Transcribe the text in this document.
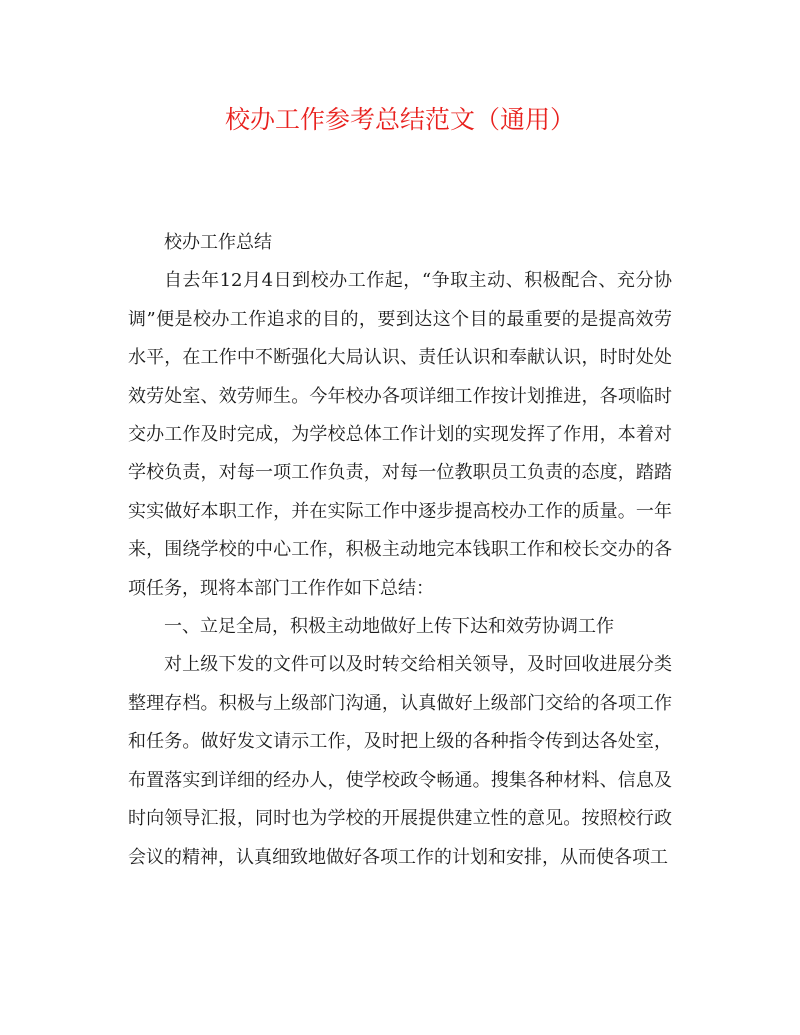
校办工作参考总结范文（通用）

校办工作总结

自去年12月4日到校办工作起，“争取主动、积极配合、充分协调”便是校办工作追求的目的，要到达这个目的最重要的是提高效劳水平，在工作中不断强化大局认识、责任认识和奉献认识，时时处处效劳处室、效劳师生。今年校办各项详细工作按计划推进，各项临时交办工作及时完成，为学校总体工作计划的实现发挥了作用，本着对学校负责，对每一项工作负责，对每一位教职员工负责的态度，踏踏实实做好本职工作，并在实际工作中逐步提高校办工作的质量。一年来，围绕学校的中心工作，积极主动地完本钱职工作和校长交办的各项任务，现将本部门工作作如下总结：

一、立足全局，积极主动地做好上传下达和效劳协调工作

对上级下发的文件可以及时转交给相关领导，及时回收进展分类整理存档。积极与上级部门沟通，认真做好上级部门交给的各项工作和任务。做好发文请示工作，及时把上级的各种指令传到达各处室，布置落实到详细的经办人，使学校政令畅通。搜集各种材料、信息及时向领导汇报，同时也为学校的开展提供建立性的意见。按照校行政会议的精神，认真细致地做好各项工作的计划和安排，从而使各项工
